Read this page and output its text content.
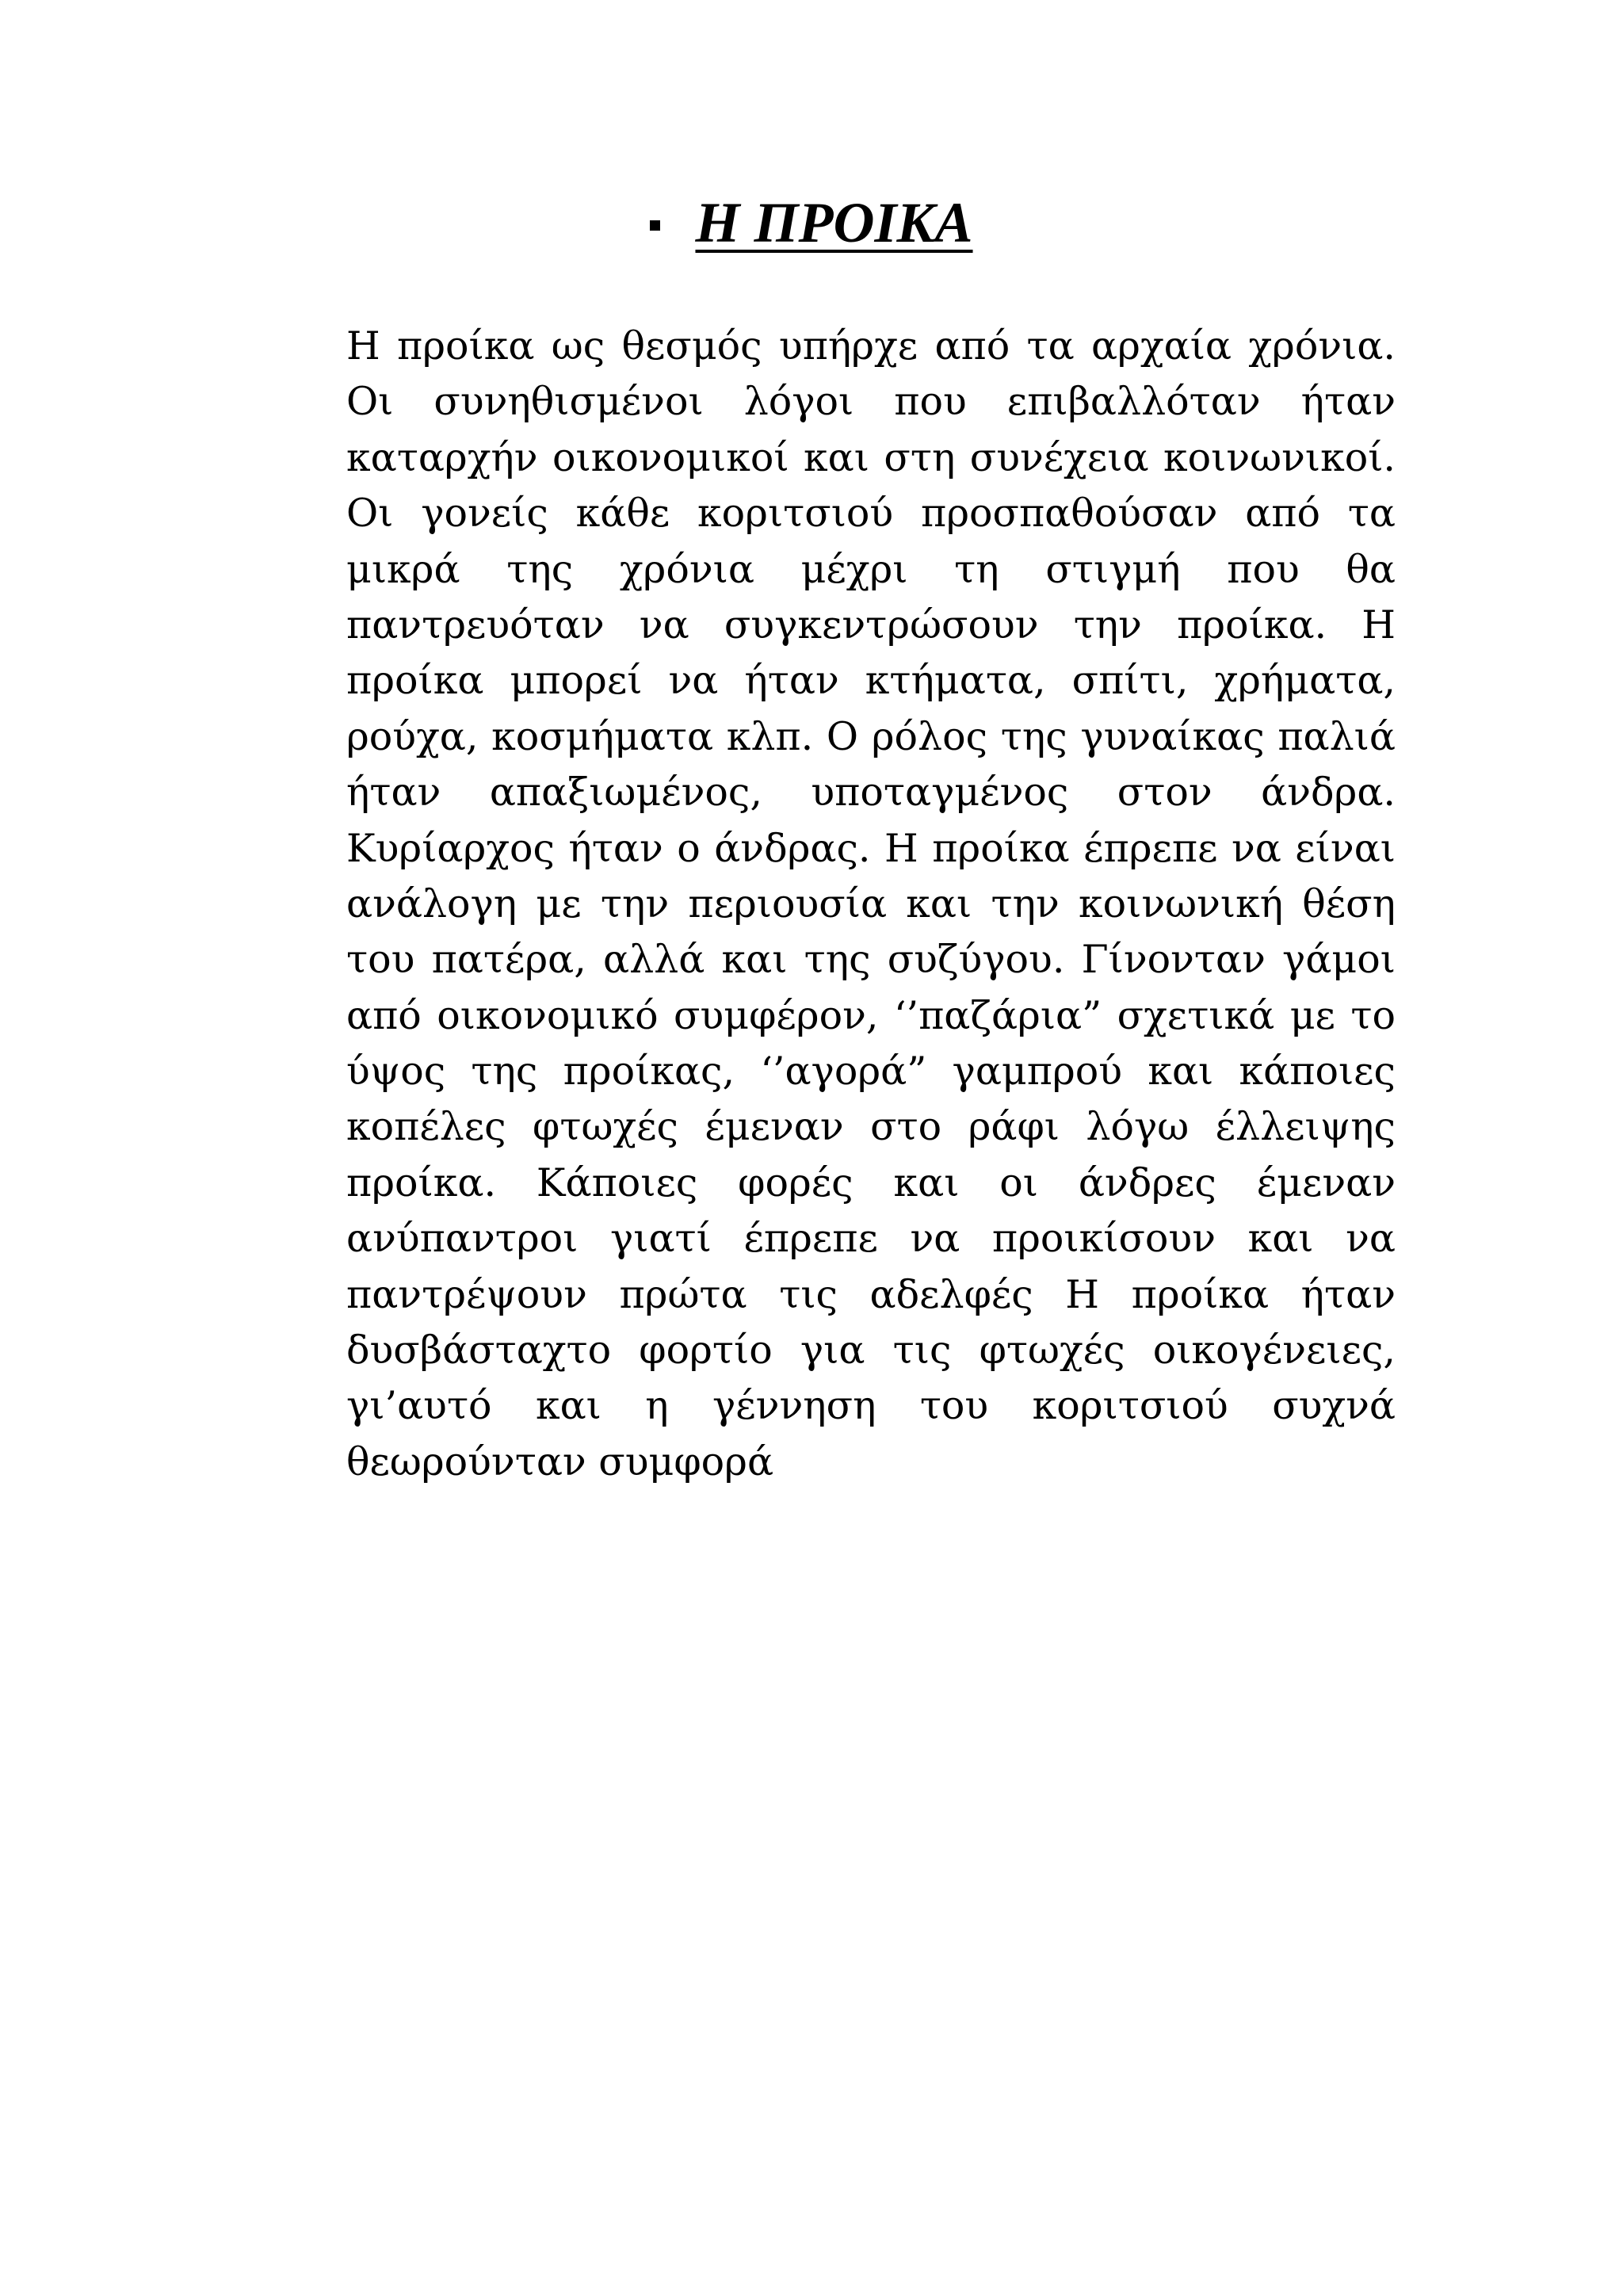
Η ΠΡΟΙΚΑ
Η προίκα ως θεσμός υπήρχε από τα αρχαία χρόνια.
Οι συνηθισμένοι λόγοι που επιβαλλόταν ήταν
καταρχήν οικονομικοί και στη συνέχεια κοινωνικοί.
Οι γονείς κάθε κοριτσιού προσπαθούσαν από τα
μικρά της χρόνια μέχρι τη στιγμή που θα
παντρευόταν να συγκεντρώσουν την προίκα. Η
προίκα μπορεί να ήταν κτήματα, σπίτι, χρήματα,
ρούχα, κοσμήματα κλπ. Ο ρόλος της γυναίκας παλιά
ήταν απαξιωμένος, υποταγμένος στον άνδρα.
Κυρίαρχος ήταν ο άνδρας. Η προίκα έπρεπε να είναι
ανάλογη με την περιουσία και την κοινωνική θέση
του πατέρα, αλλά και της συζύγου. Γίνονταν γάμοι
από οικονομικό συμφέρον, ‘’παζάρια” σχετικά με το
ύψος της προίκας, ‘’αγορά” γαμπρού και κάποιες
κοπέλες φτωχές έμεναν στο ράφι λόγω έλλειψης
προίκα. Κάποιες φορές και οι άνδρες έμεναν
ανύπαντροι γιατί έπρεπε να προικίσουν και να
παντρέψουν πρώτα τις αδελφές Η προίκα ήταν
δυσβάσταχτο φορτίο για τις φτωχές οικογένειες,
γι’αυτό και η γέννηση του κοριτσιού συχνά
θεωρούνταν συμφορά
